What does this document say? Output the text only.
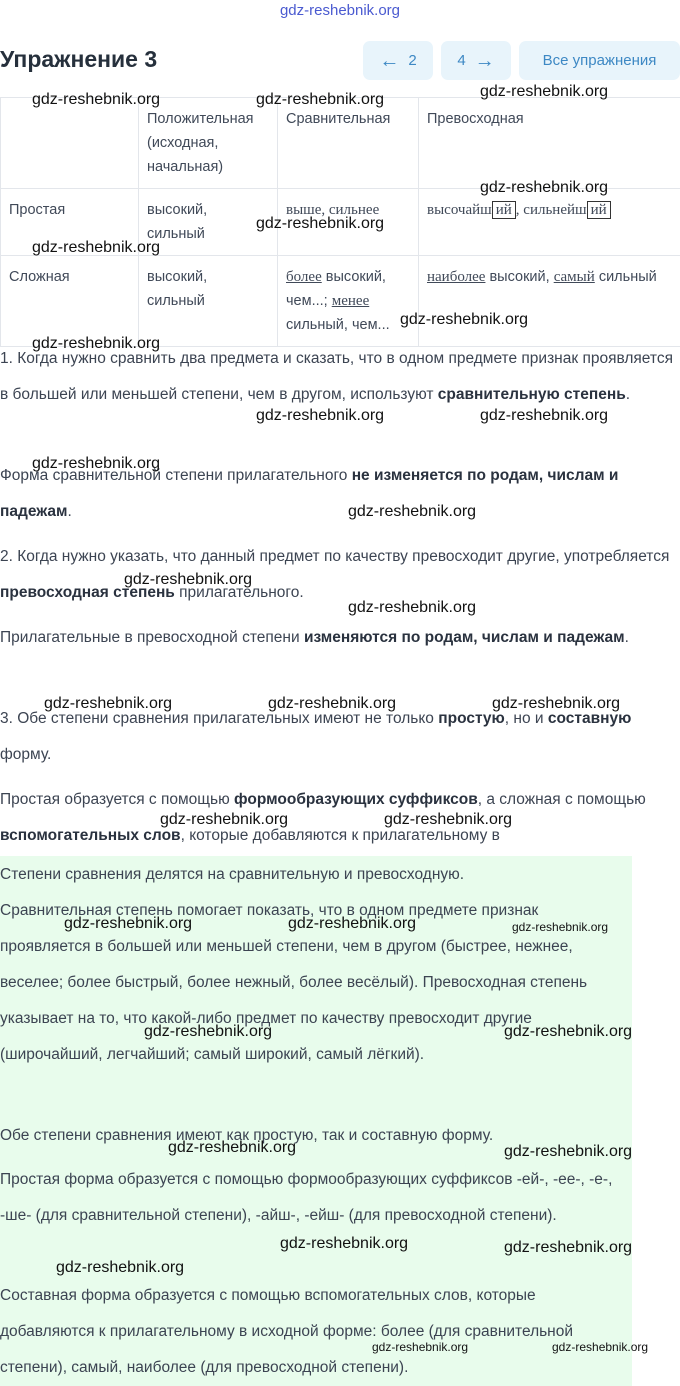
gdz-reshebnik.org
Упражнение 3	← 2	4 →	Все упражнения
	Положительная (исходная, начальная)	Сравнительная	Превосходная
Простая	высокий, сильный	выше, сильнее	высочайш ий , сильнейш ий
Сложная	высокий, сильный	более высокий, чем...; менее сильный, чем...	наиболее высокий, самый сильный

1. Когда нужно сравнить два предмета и сказать, что в одном предмете признак проявляется в большей или меньшей степени, чем в другом, используют сравнительную степень.

Форма сравнительной степени прилагательного не изменяется по родам, числам и падежам.

2. Когда нужно указать, что данный предмет по качеству превосходит другие, употребляется превосходная степень прилагательного.

Прилагательные в превосходной степени изменяются по родам, числам и падежам.

3. Обе степени сравнения прилагательных имеют не только простую, но и составную форму.

Простая образуется с помощью формообразующих суффиксов, а сложная с помощью вспомогательных слов, которые добавляются к прилагательному в

Степени сравнения делятся на сравнительную и превосходную.

Сравнительная степень помогает показать, что в одном предмете признак проявляется в большей или меньшей степени, чем в другом (быстрее, нежнее, веселее; более быстрый, более нежный, более весёлый). Превосходная степень указывает на то, что какой-либо предмет по качеству превосходит другие (широчайший, легчайший; самый широкий, самый лёгкий).

Обе степени сравнения имеют как простую, так и составную форму.

Простая форма образуется с помощью формообразующих суффиксов -ей-, -ее-, -е-, -ше- (для сравнительной степени), -айш-, -ейш- (для превосходной степени).

Составная форма образуется с помощью вспомогательных слов, которые добавляются к прилагательному в исходной форме: более (для сравнительной степени), самый, наиболее (для превосходной степени).

gdz-reshebnik.org	gdz-reshebnik.org	gdz-reshebnik.org
gdz-reshebnik.org
gdz-reshebnik.org
gdz-reshebnik.org
gdz-reshebnik.org
gdz-reshebnik.org
gdz-reshebnik.org	gdz-reshebnik.org
gdz-reshebnik.org
gdz-reshebnik.org
gdz-reshebnik.org
gdz-reshebnik.org
gdz-reshebnik.org	gdz-reshebnik.org	gdz-reshebnik.org
gdz-reshebnik.org	gdz-reshebnik.org
gdz-reshebnik.org	gdz-reshebnik.org	gdz-reshebnik.org
gdz-reshebnik.org	gdz-reshebnik.org
gdz-reshebnik.org	gdz-reshebnik.org
gdz-reshebnik.org	gdz-reshebnik.org
gdz-reshebnik.org
gdz-reshebnik.org	gdz-reshebnik.org
